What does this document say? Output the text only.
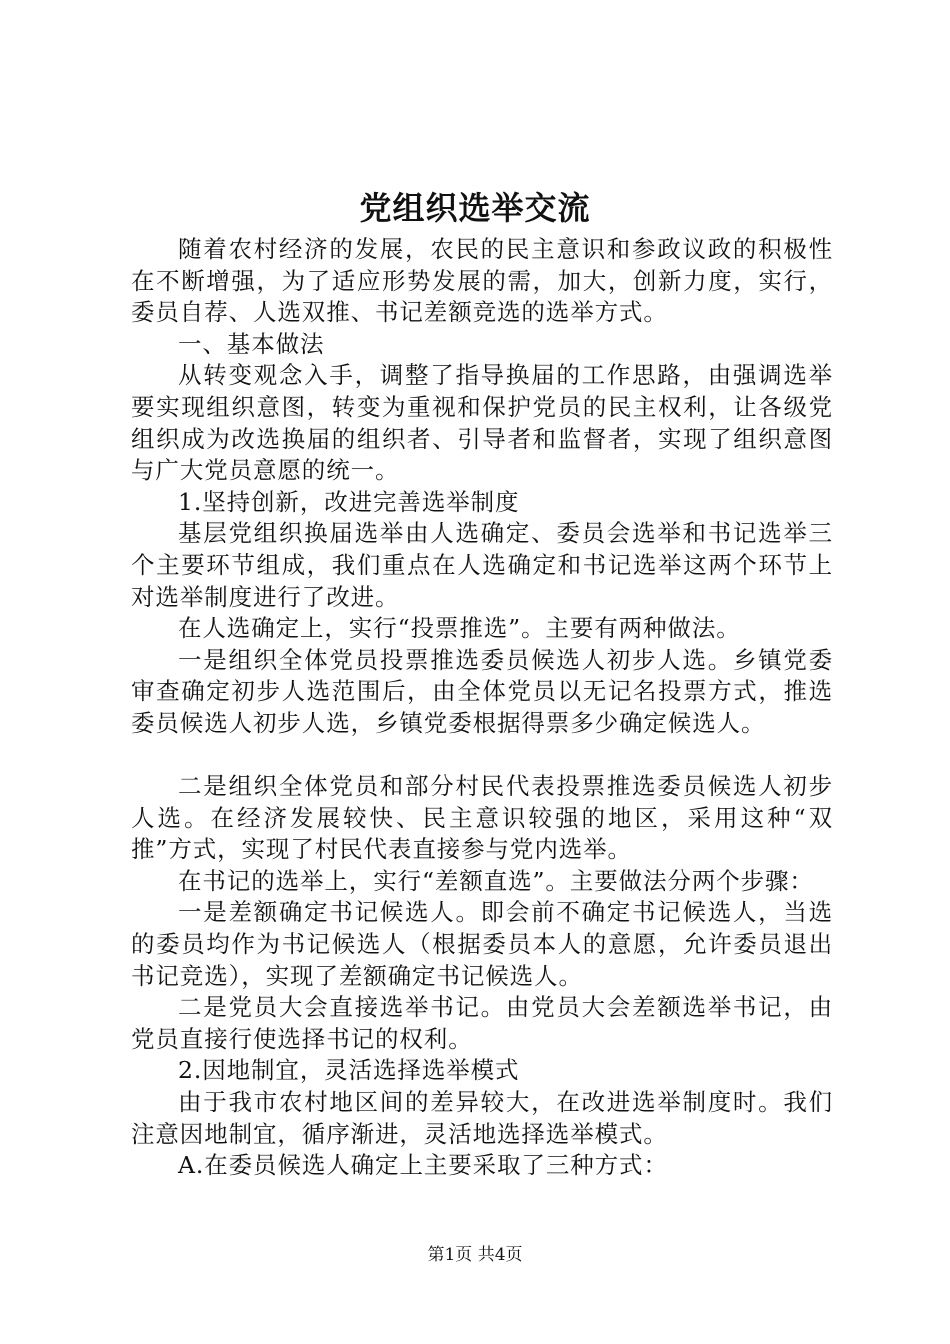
党组织选举交流

随着农村经济的发展，农民的民主意识和参政议政的积极性在不断增强，为了适应形势发展的需，加大，创新力度，实行，委员自荐、人选双推、书记差额竞选的选举方式。

一、基本做法

从转变观念入手，调整了指导换届的工作思路，由强调选举要实现组织意图，转变为重视和保护党员的民主权利，让各级党组织成为改选换届的组织者、引导者和监督者，实现了组织意图与广大党员意愿的统一。

1.坚持创新，改进完善选举制度

基层党组织换届选举由人选确定、委员会选举和书记选举三个主要环节组成，我们重点在人选确定和书记选举这两个环节上对选举制度进行了改进。

在人选确定上，实行“投票推选”。主要有两种做法。

一是组织全体党员投票推选委员候选人初步人选。乡镇党委审查确定初步人选范围后，由全体党员以无记名投票方式，推选委员候选人初步人选，乡镇党委根据得票多少确定候选人。

二是组织全体党员和部分村民代表投票推选委员候选人初步人选。在经济发展较快、民主意识较强的地区，采用这种“双推”方式，实现了村民代表直接参与党内选举。

在书记的选举上，实行“差额直选”。主要做法分两个步骤：

一是差额确定书记候选人。即会前不确定书记候选人，当选的委员均作为书记候选人（根据委员本人的意愿，允许委员退出书记竞选），实现了差额确定书记候选人。

二是党员大会直接选举书记。由党员大会差额选举书记，由党员直接行使选择书记的权利。

2.因地制宜，灵活选择选举模式

由于我市农村地区间的差异较大，在改进选举制度时。我们注意因地制宜，循序渐进，灵活地选择选举模式。

A.在委员候选人确定上主要采取了三种方式：

第1页 共4页
